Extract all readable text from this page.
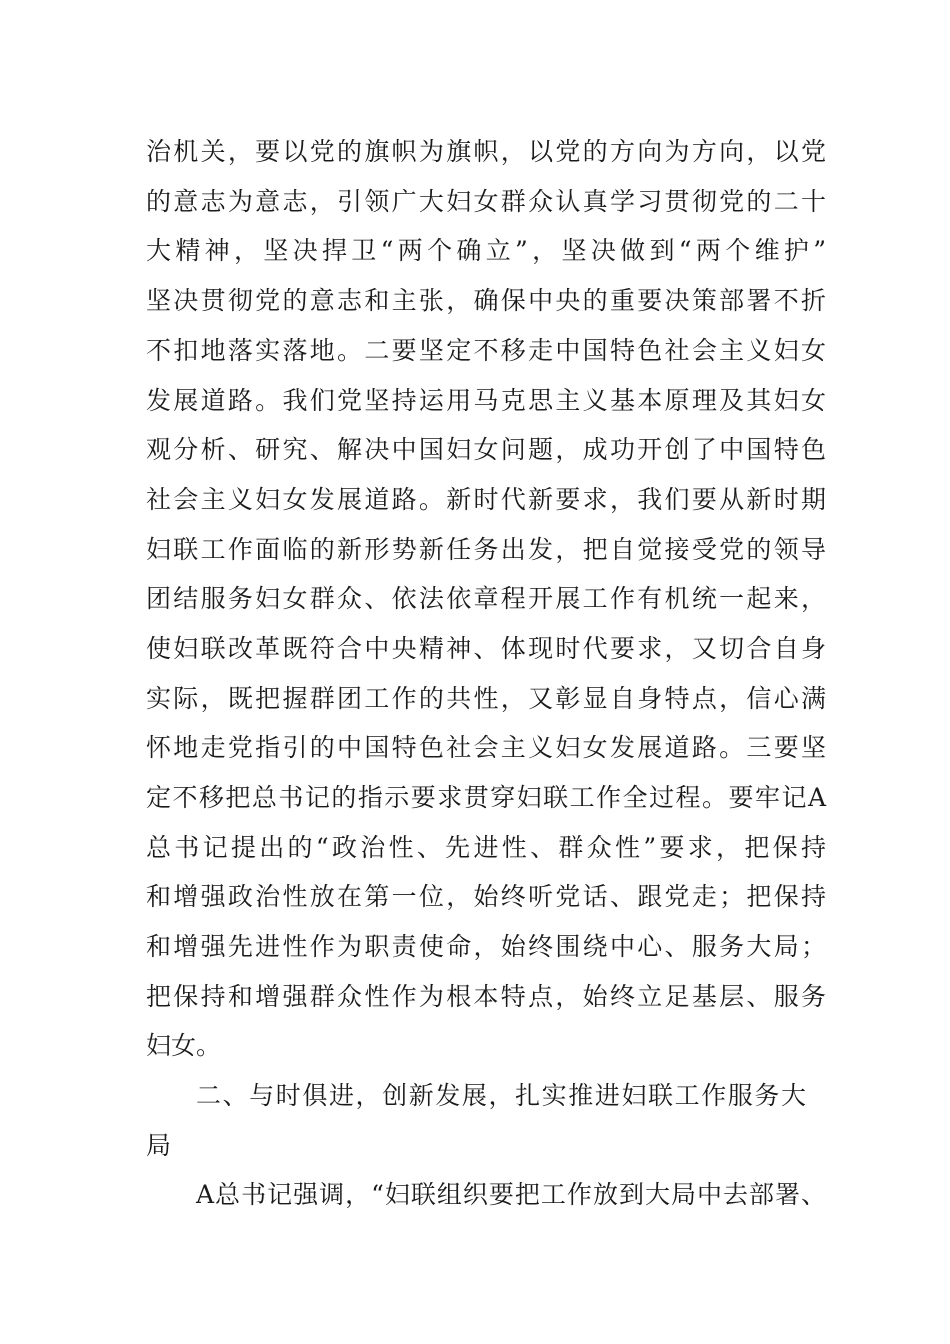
治机关，要以党的旗帜为旗帜，以党的方向为方向，以党
的意志为意志，引领广大妇女群众认真学习贯彻党的二十
大精神，坚决捍卫“两个确立”，坚决做到“两个维护”
坚决贯彻党的意志和主张，确保中央的重要决策部署不折
不扣地落实落地。二要坚定不移走中国特色社会主义妇女
发展道路。我们党坚持运用马克思主义基本原理及其妇女
观分析、研究、解决中国妇女问题，成功开创了中国特色
社会主义妇女发展道路。新时代新要求，我们要从新时期
妇联工作面临的新形势新任务出发，把自觉接受党的领导
团结服务妇女群众、依法依章程开展工作有机统一起来，
使妇联改革既符合中央精神、体现时代要求，又切合自身
实际，既把握群团工作的共性，又彰显自身特点，信心满
怀地走党指引的中国特色社会主义妇女发展道路。三要坚
定不移把总书记的指示要求贯穿妇联工作全过程。要牢记A
总书记提出的“政治性、先进性、群众性”要求，把保持
和增强政治性放在第一位，始终听党话、跟党走；把保持
和增强先进性作为职责使命，始终围绕中心、服务大局；
把保持和增强群众性作为根本特点，始终立足基层、服务
妇女。
二、与时俱进，创新发展，扎实推进妇联工作服务大
局
A总书记强调，“妇联组织要把工作放到大局中去部署、
